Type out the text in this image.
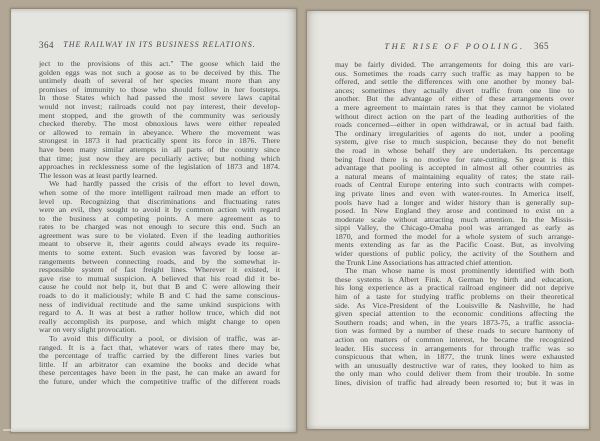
364	THE RAILWAY IN ITS BUSINESS RELATIONS.
ject to the provisions of this act." The goose which laid the
golden eggs was not such a goose as to be deceived by this. The
untimely death of several of her species meant more than any
promises of immunity to those who should follow in her footsteps.
In those States which had passed the most severe laws capital
would not invest; railroads could not pay interest, their develop-
ment stopped, and the growth of the community was seriously
checked thereby. The most obnoxious laws were either repealed
or allowed to remain in abeyance. Where the movement was
strongest in 1873 it had practically spent its force in 1876. There
have been many similar attempts in all parts of the country since
that time; just now they are peculiarly active; but nothing which
approaches in recklessness some of the legislation of 1873 and 1874.
The lesson was at least partly learned.
We had hardly passed the crisis of the effort to level down,
when some of the more intelligent railroad men made an effort to
level up. Recognizing that discriminations and fluctuating rates
were an evil, they sought to avoid it by common action with regard
to the business at competing points. A mere agreement as to
rates to be charged was not enough to secure this end. Such an
agreement was sure to be violated. Even if the leading authorities
meant to observe it, their agents could always evade its require-
ments to some extent. Such evasion was favored by loose ar-
rangements between connecting roads, and by the somewhat ir-
responsible system of fast freight lines. Wherever it existed, it
gave rise to mutual suspicion. A believed that his road did it be-
cause he could not help it, but that B and C were allowing their
roads to do it maliciously; while B and C had the same conscious-
ness of individual rectitude and the same unkind suspicions with
regard to A. It was at best a rather hollow truce, which did not
really accomplish its purpose, and which might change to open
war on very slight provocation.
To avoid this difficulty a pool, or division of traffic, was ar-
ranged. It is a fact that, whatever wars of rates there may be,
the percentage of traffic carried by the different lines varies but
little. If an arbitrator can examine the books and decide what
these percentages have been in the past, he can make an award for
the future, under which the competitive traffic of the different roads
THE RISE OF POOLING.	365
may be fairly divided. The arrangements for doing this are vari-
ous. Sometimes the roads carry such traffic as may happen to be
offered, and settle the differences with one another by money bal-
ances; sometimes they actually divert traffic from one line to
another. But the advantage of either of these arrangements over
a mere agreement to maintain rates is that they cannot be violated
without direct action on the part of the leading authorities of the
roads concerned—either in open withdrawal, or in actual bad faith.
The ordinary irregularities of agents do not, under a pooling
system, give rise to much suspicion, because they do not benefit
the road in whose behalf they are undertaken. Its percentage
being fixed there is no motive for rate-cutting. So great is this
advantage that pooling is accepted in almost all other countries as
a natural means of maintaining equality of rates; the state rail-
roads of Central Europe entering into such contracts with compet-
ing private lines and even with water-routes. In America itself,
pools have had a longer and wider history than is generally sup-
posed. In New England they arose and continued to exist on a
moderate scale without attracting much attention. In the Missis-
sippi Valley, the Chicago-Omaha pool was arranged as early as
1870, and formed the model for a whole system of such arrange-
ments extending as far as the Pacific Coast. But, as involving
wider questions of public policy, the activity of the Southern and
the Trunk Line Associations has attracted chief attention.
The man whose name is most prominently identified with both
these systems is Albert Fink. A German by birth and education,
his long experience as a practical railroad engineer did not deprive
him of a taste for studying traffic problems on their theoretical
side. As Vice-President of the Louisville & Nashville, he had
given special attention to the economic conditions affecting the
Southern roads; and when, in the years 1873-75, a traffic associa-
tion was formed by a number of these roads to secure harmony of
action on matters of common interest, he became the recognized
leader. His success in arrangements for through traffic was so
conspicuous that when, in 1877, the trunk lines were exhausted
with an unusually destructive war of rates, they looked to him as
the only man who could deliver them from their trouble. In some
lines, division of traffic had already been resorted to; but it was in
